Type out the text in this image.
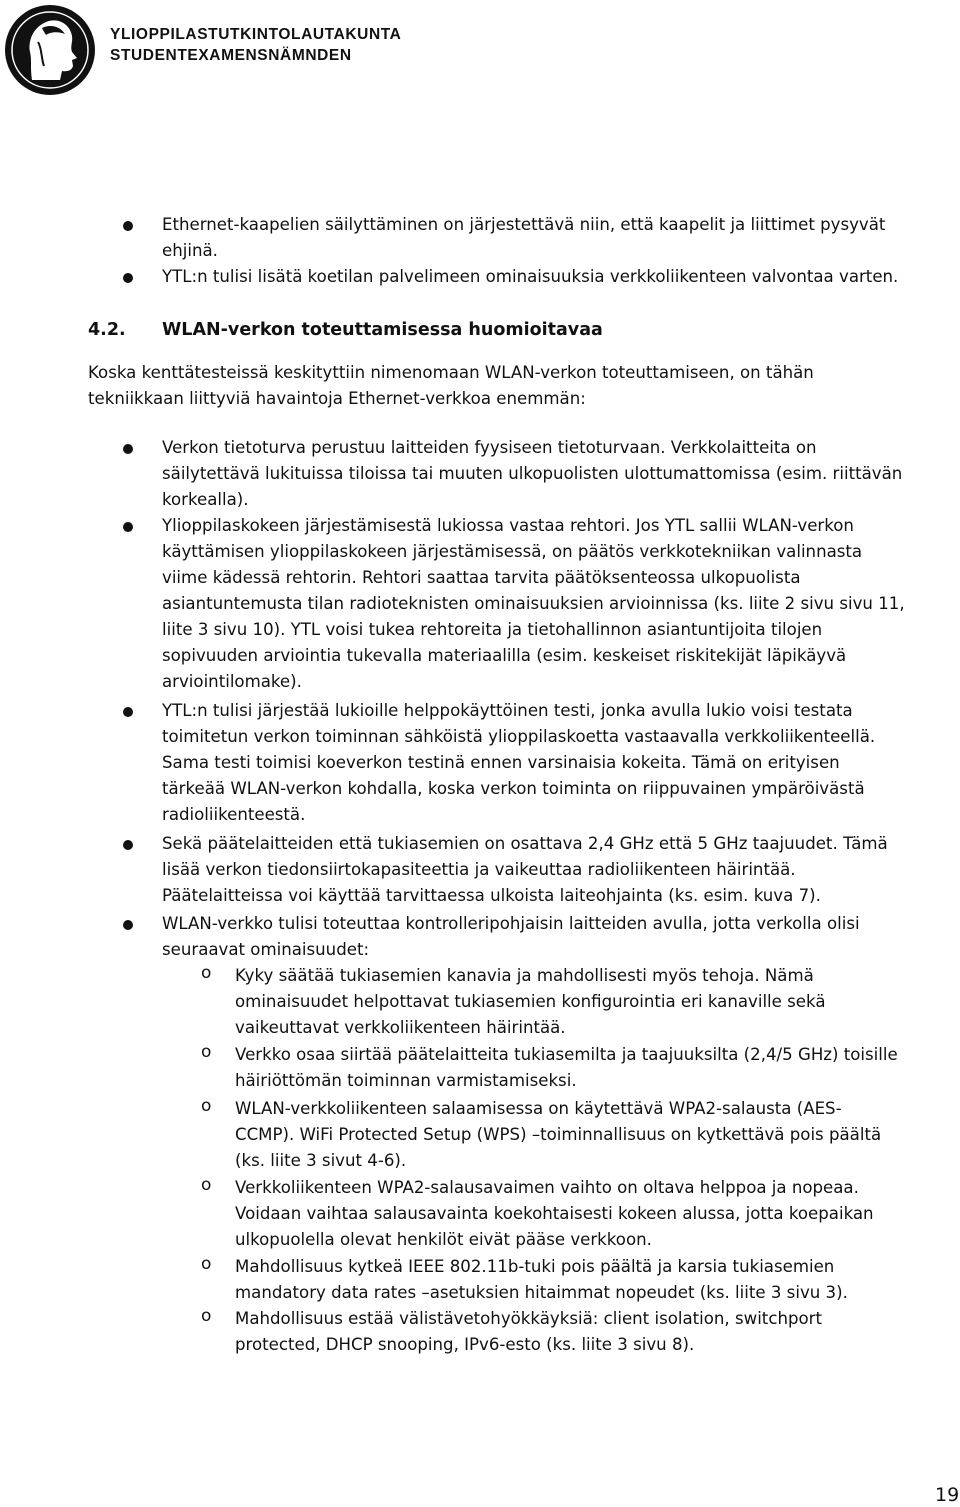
YLIOPPILASTUTKINTOLAUTAKUNTA
STUDENTEXAMENSNÄMNDEN
Ethernet-kaapelien säilyttäminen on järjestettävä niin, että kaapelit ja liittimet pysyvät
ehjinä.
YTL:n tulisi lisätä koetilan palvelimeen ominaisuuksia verkkoliikenteen valvontaa varten.
4.2. WLAN-verkon toteuttamisessa huomioitavaa
Koska kenttätesteissä keskityttiin nimenomaan WLAN-verkon toteuttamiseen, on tähän
tekniikkaan liittyviä havaintoja Ethernet-verkkoa enemmän:
Verkon tietoturva perustuu laitteiden fyysiseen tietoturvaan. Verkkolaitteita on
säilytettävä lukituissa tiloissa tai muuten ulkopuolisten ulottumattomissa (esim. riittävän
korkealla).
Ylioppilaskokeen järjestämisestä lukiossa vastaa rehtori. Jos YTL sallii WLAN-verkon
käyttämisen ylioppilaskokeen järjestämisessä, on päätös verkkotekniikan valinnasta
viime kädessä rehtorin. Rehtori saattaa tarvita päätöksenteossa ulkopuolista
asiantuntemusta tilan radioteknisten ominaisuuksien arvioinnissa (ks. liite 2 sivu sivu 11,
liite 3 sivu 10). YTL voisi tukea rehtoreita ja tietohallinnon asiantuntijoita tilojen
sopivuuden arviointia tukevalla materiaalilla (esim. keskeiset riskitekijät läpikäyvä
arviointilomake).
YTL:n tulisi järjestää lukioille helppokäyttöinen testi, jonka avulla lukio voisi testata
toimitetun verkon toiminnan sähköistä ylioppilaskoetta vastaavalla verkkoliikenteellä.
Sama testi toimisi koeverkon testinä ennen varsinaisia kokeita. Tämä on erityisen
tärkeää WLAN-verkon kohdalla, koska verkon toiminta on riippuvainen ympäröivästä
radioliikenteestä.
Sekä päätelaitteiden että tukiasemien on osattava 2,4 GHz että 5 GHz taajuudet. Tämä
lisää verkon tiedonsiirtokapasiteettia ja vaikeuttaa radioliikenteen häirintää.
Päätelaitteissa voi käyttää tarvittaessa ulkoista laiteohjainta (ks. esim. kuva 7).
WLAN-verkko tulisi toteuttaa kontrolleripohjaisin laitteiden avulla, jotta verkolla olisi
seuraavat ominaisuudet:
o Kyky säätää tukiasemien kanavia ja mahdollisesti myös tehoja. Nämä
ominaisuudet helpottavat tukiasemien konfigurointia eri kanaville sekä
vaikeuttavat verkkoliikenteen häirintää.
o Verkko osaa siirtää päätelaitteita tukiasemilta ja taajuuksilta (2,4/5 GHz) toisille
häiriöttömän toiminnan varmistamiseksi.
o WLAN-verkkoliikenteen salaamisessa on käytettävä WPA2-salausta (AES-
CCMP). WiFi Protected Setup (WPS) –toiminnallisuus on kytkettävä pois päältä
(ks. liite 3 sivut 4-6).
o Verkkoliikenteen WPA2-salausavaimen vaihto on oltava helppoa ja nopeaa.
Voidaan vaihtaa salausavainta koekohtaisesti kokeen alussa, jotta koepaikan
ulkopuolella olevat henkilöt eivät pääse verkkoon.
o Mahdollisuus kytkeä IEEE 802.11b-tuki pois päältä ja karsia tukiasemien
mandatory data rates –asetuksien hitaimmat nopeudet (ks. liite 3 sivu 3).
o Mahdollisuus estää välistävetohyökkäyksiä: client isolation, switchport
protected, DHCP snooping, IPv6-esto (ks. liite 3 sivu 8).
19
